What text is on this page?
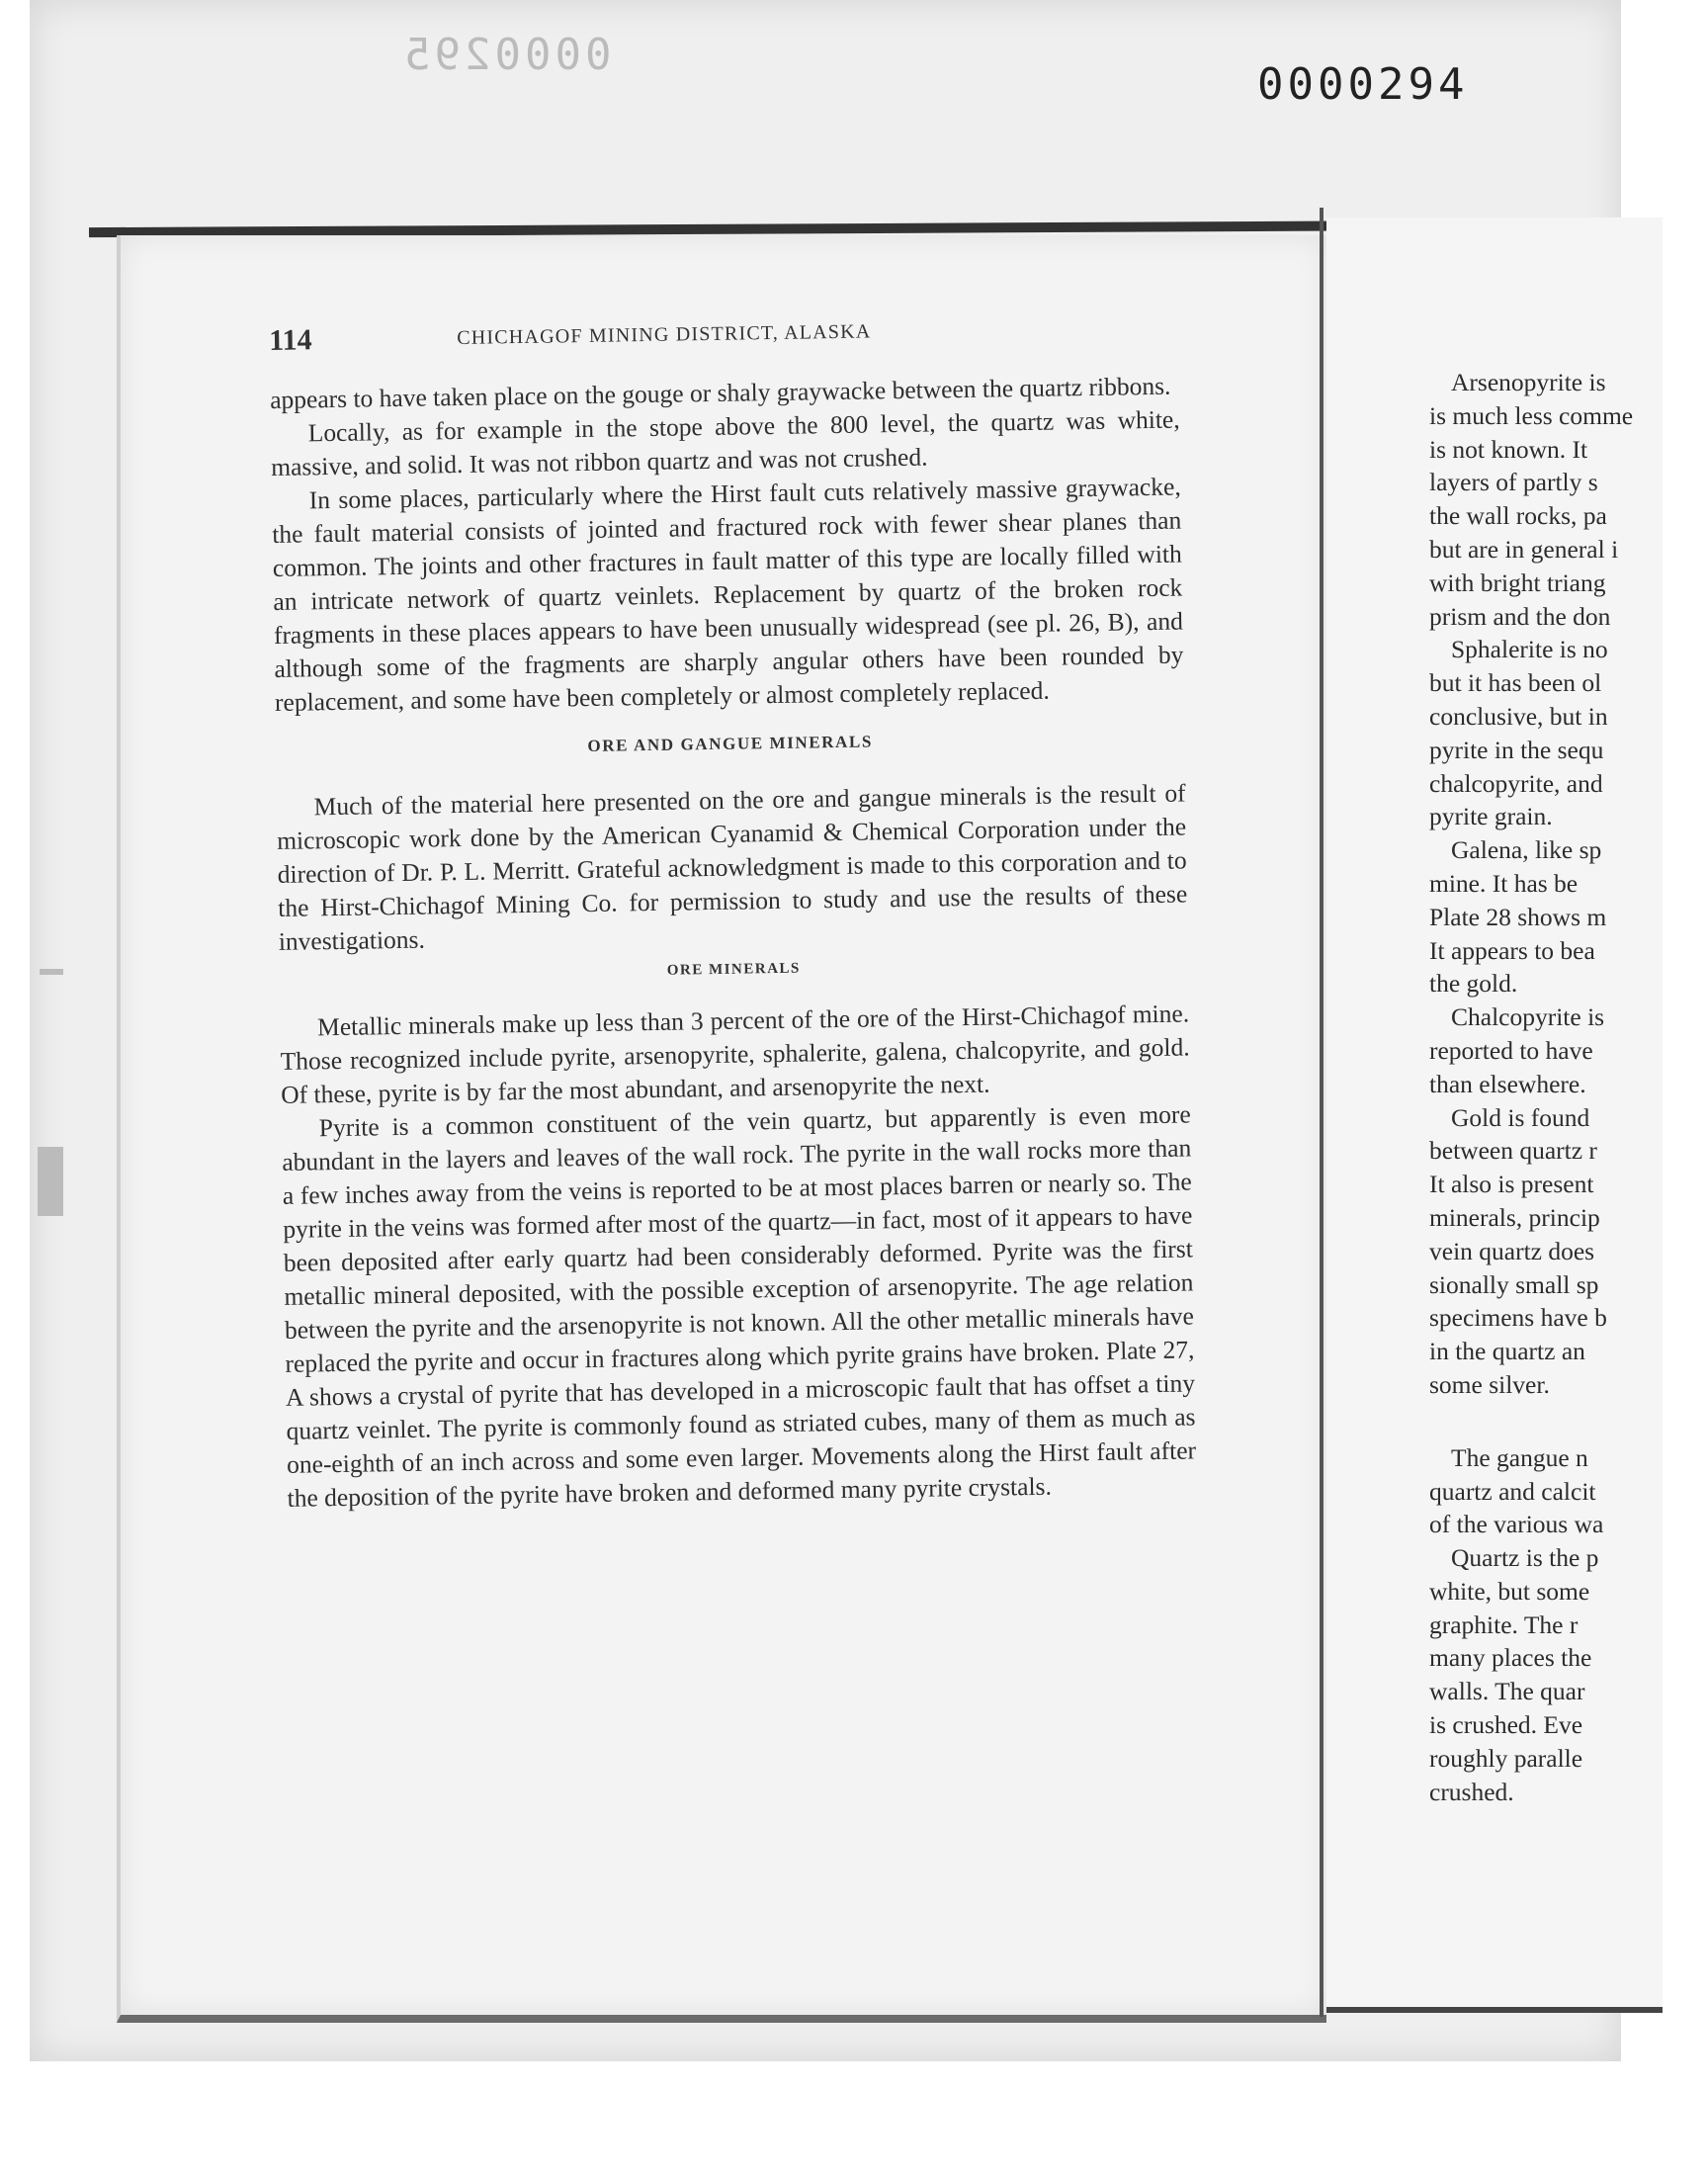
0000295
0000294
114	CHICHAGOF MINING DISTRICT, ALASKA

appears to have taken place on the gouge or shaly graywacke between the quartz ribbons.

Locally, as for example in the stope above the 800 level, the quartz was white, massive, and solid. It was not ribbon quartz and was not crushed.

In some places, particularly where the Hirst fault cuts relatively massive graywacke, the fault material consists of jointed and fractured rock with fewer shear planes than common. The joints and other fractures in fault matter of this type are locally filled with an intricate network of quartz veinlets. Replacement by quartz of the broken rock fragments in these places appears to have been unusually widespread (see pl. 26, B), and although some of the fragments are sharply angular others have been rounded by replacement, and some have been completely or almost completely replaced.

ORE AND GANGUE MINERALS

Much of the material here presented on the ore and gangue minerals is the result of microscopic work done by the American Cyanamid & Chemical Corporation under the direction of Dr. P. L. Merritt. Grateful acknowledgment is made to this corporation and to the Hirst-Chichagof Mining Co. for permission to study and use the results of these investigations.

ORE MINERALS

Metallic minerals make up less than 3 percent of the ore of the Hirst-Chichagof mine. Those recognized include pyrite, arsenopyrite, sphalerite, galena, chalcopyrite, and gold. Of these, pyrite is by far the most abundant, and arsenopyrite the next.

Pyrite is a common constituent of the vein quartz, but apparently is even more abundant in the layers and leaves of the wall rock. The pyrite in the wall rocks more than a few inches away from the veins is reported to be at most places barren or nearly so. The pyrite in the veins was formed after most of the quartz—in fact, most of it appears to have been deposited after early quartz had been considerably deformed. Pyrite was the first metallic mineral deposited, with the possible exception of arsenopyrite. The age relation between the pyrite and the arsenopyrite is not known. All the other metallic minerals have replaced the pyrite and occur in fractures along which pyrite grains have broken. Plate 27, A shows a crystal of pyrite that has developed in a microscopic fault that has offset a tiny quartz veinlet. The pyrite is commonly found as striated cubes, many of them as much as one-eighth of an inch across and some even larger. Movements along the Hirst fault after the deposition of the pyrite have broken and deformed many pyrite crystals.

Arsenopyrite is
is much less comme
is not known. It
layers of partly s
the wall rocks, pa
but are in general i
with bright triang
prism and the don
Sphalerite is no
but it has been ol
conclusive, but in
pyrite in the sequ
chalcopyrite, and
pyrite grain.
Galena, like sp
mine. It has be
Plate 28 shows m
It appears to bea
the gold.
Chalcopyrite is
reported to have
than elsewhere.
Gold is found
between quartz r
It also is present
minerals, princip
vein quartz does
sionally small sp
specimens have b
in the quartz an
some silver.
The gangue n
quartz and calcit
of the various wa
Quartz is the p
white, but some
graphite. The r
many places the
walls. The quar
is crushed. Eve
roughly paralle
crushed.
